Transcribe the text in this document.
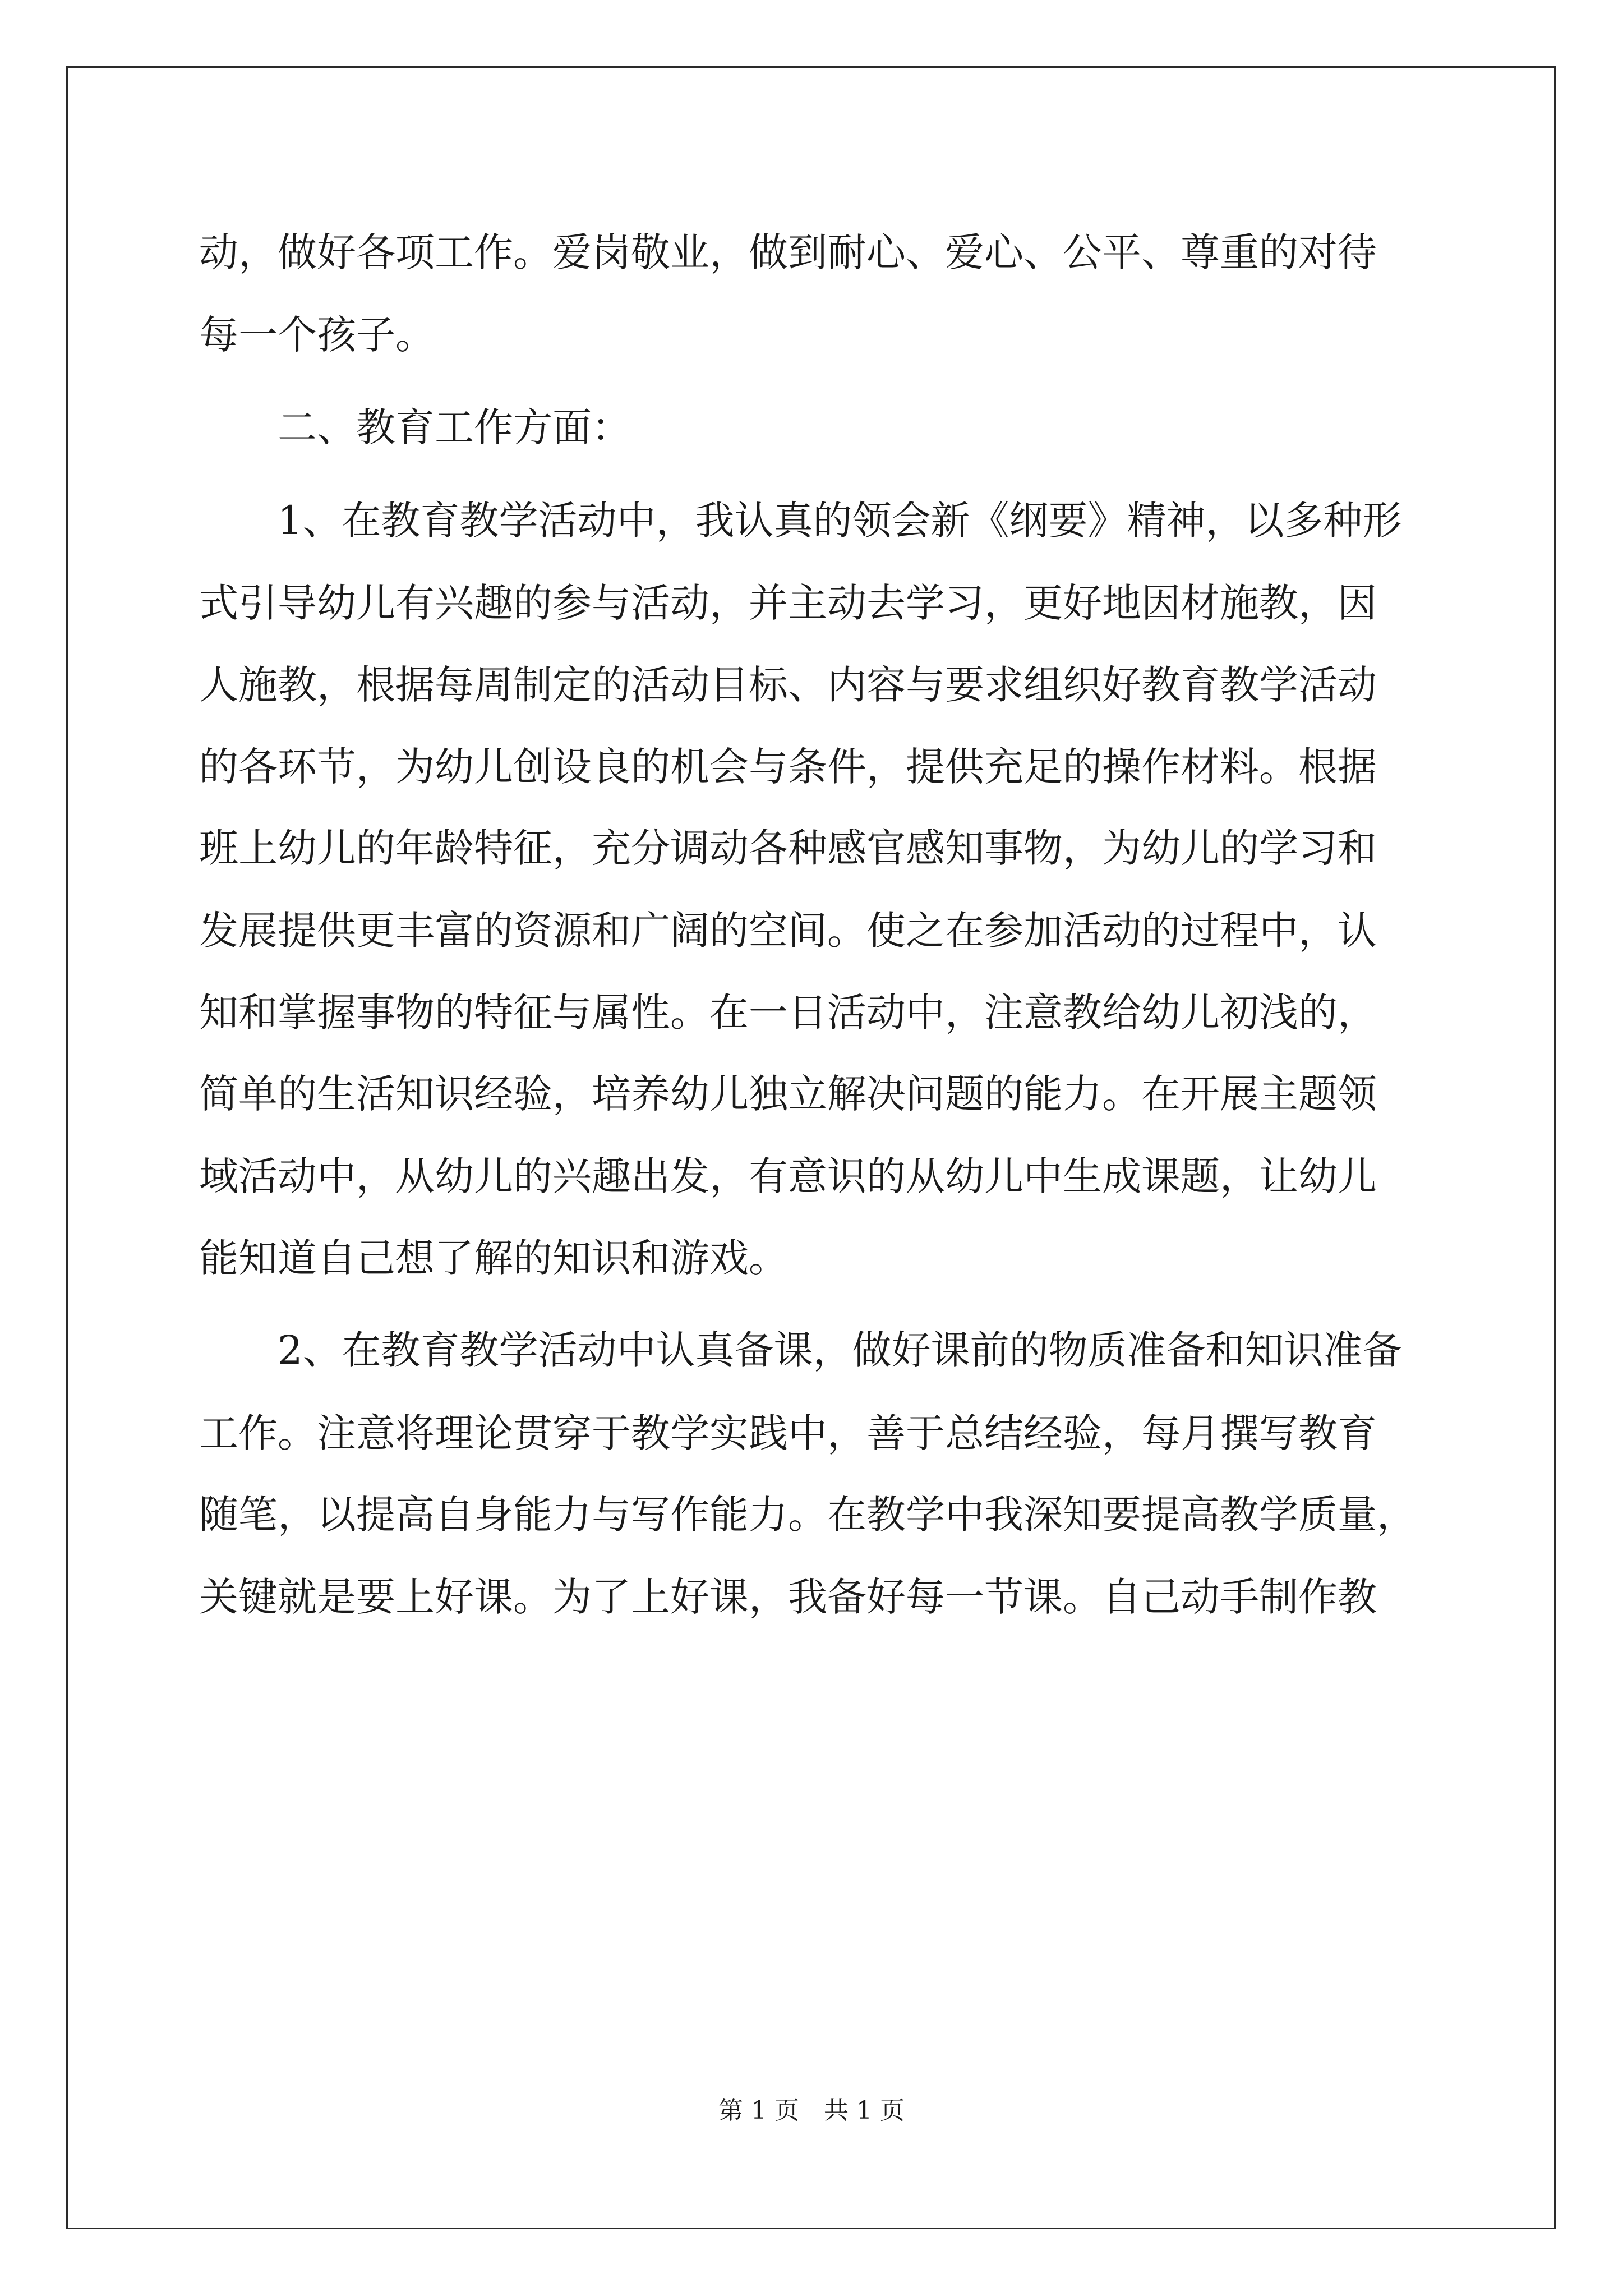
动，做好各项工作。爱岗敬业，做到耐心、爱心、公平、尊重的对待
每一个孩子。
二、教育工作方面：
1、在教育教学活动中，我认真的领会新《纲要》精神，以多种形
式引导幼儿有兴趣的参与活动，并主动去学习，更好地因材施教，因
人施教，根据每周制定的活动目标、内容与要求组织好教育教学活动
的各环节，为幼儿创设良的机会与条件，提供充足的操作材料。根据
班上幼儿的年龄特征，充分调动各种感官感知事物，为幼儿的学习和
发展提供更丰富的资源和广阔的空间。使之在参加活动的过程中，认
知和掌握事物的特征与属性。在一日活动中，注意教给幼儿初浅的，
简单的生活知识经验，培养幼儿独立解决问题的能力。在开展主题领
域活动中，从幼儿的兴趣出发，有意识的从幼儿中生成课题，让幼儿
能知道自己想了解的知识和游戏。
2、在教育教学活动中认真备课，做好课前的物质准备和知识准备
工作。注意将理论贯穿于教学实践中，善于总结经验，每月撰写教育
随笔，以提高自身能力与写作能力。在教学中我深知要提高教学质量，
关键就是要上好课。为了上好课，我备好每一节课。自己动手制作教
第 1 页　共 1 页
